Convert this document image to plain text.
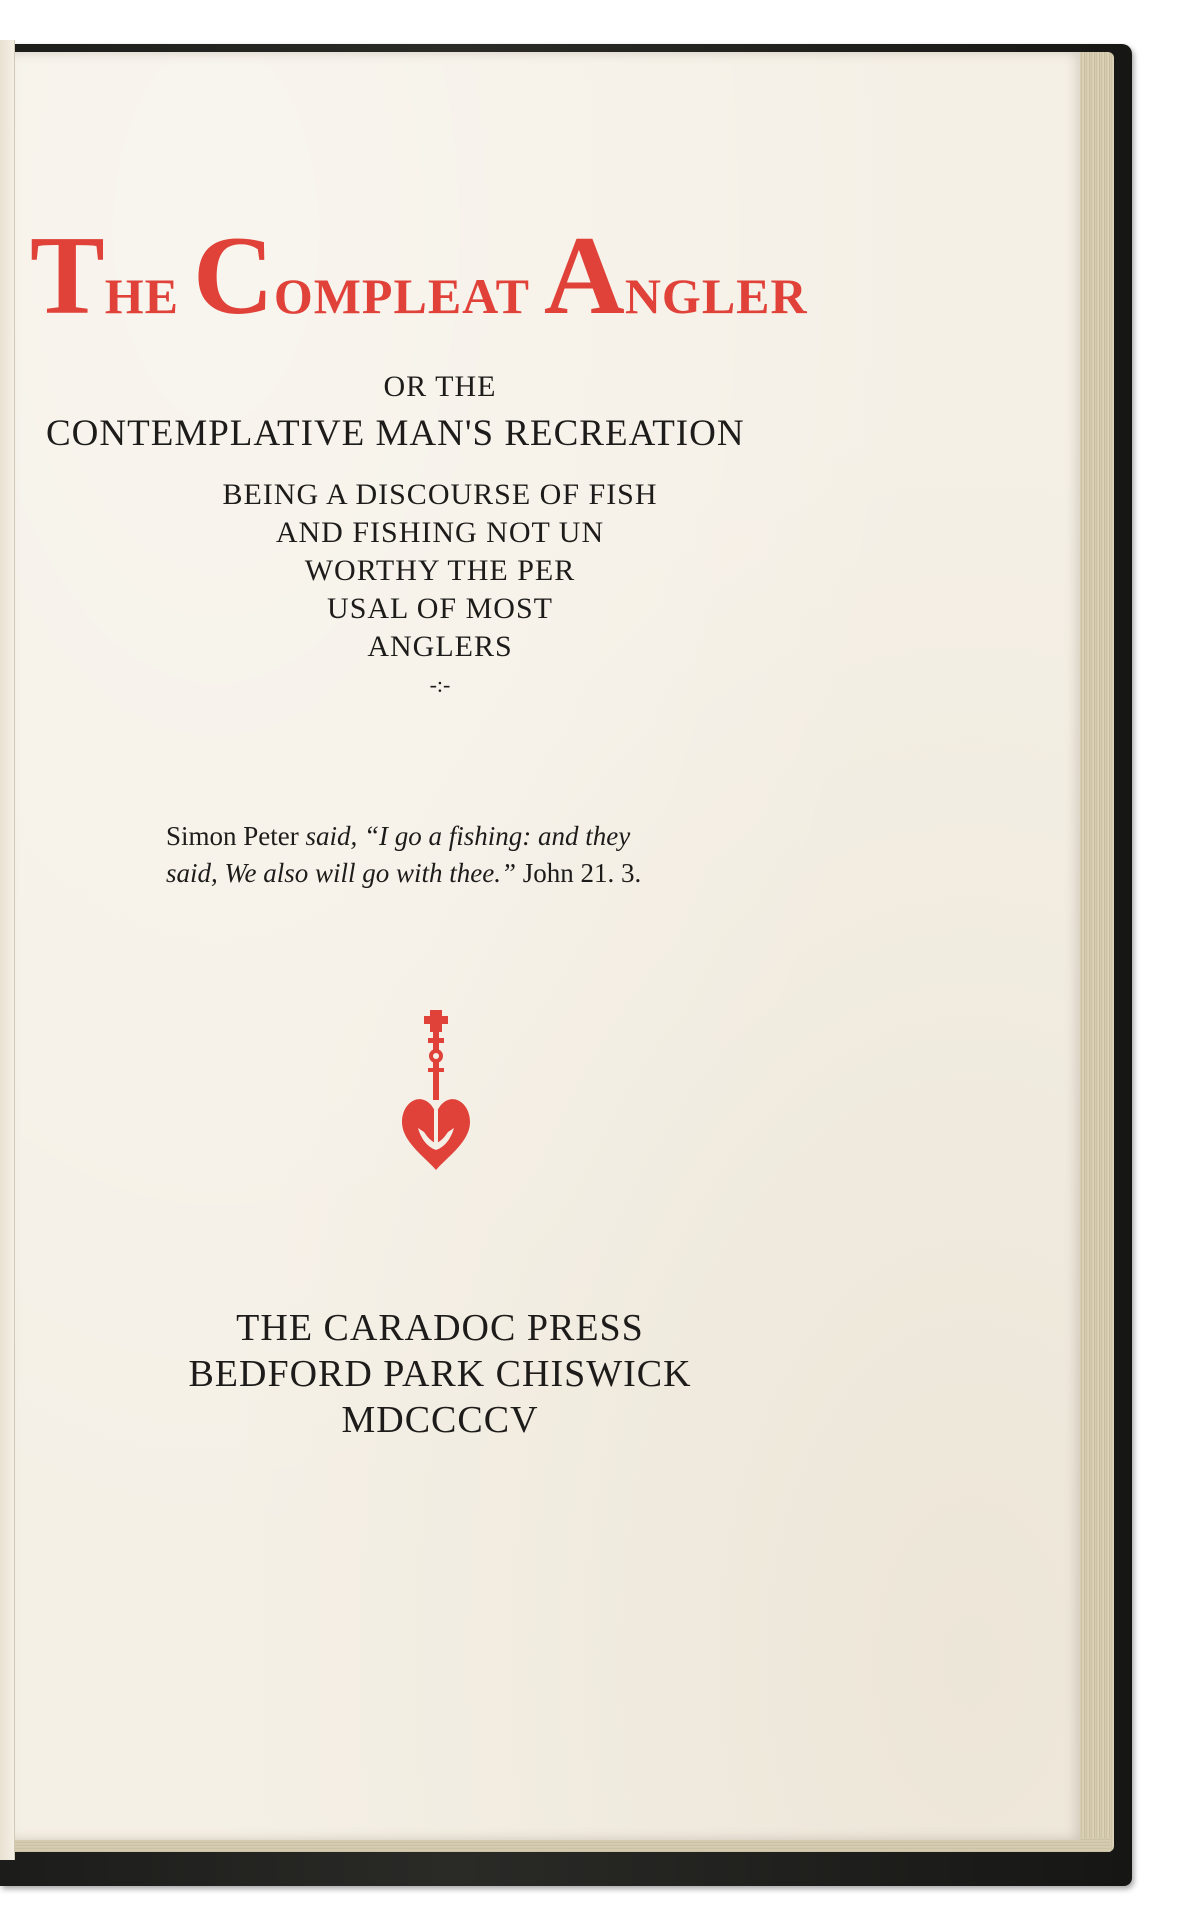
THE COMPLEAT ANGLER
OR THE
CONTEMPLATIVE MAN'S RECREATION
BEING A DISCOURSE OF FISH
AND FISHING NOT UN
WORTHY THE PER
USAL OF MOST
ANGLERS
-:-
Simon Peter said, “I go a fishing: and they
said, We also will go with thee.” John 21. 3.
THE CARADOC PRESS
BEDFORD PARK CHISWICK
MDCCCCV
